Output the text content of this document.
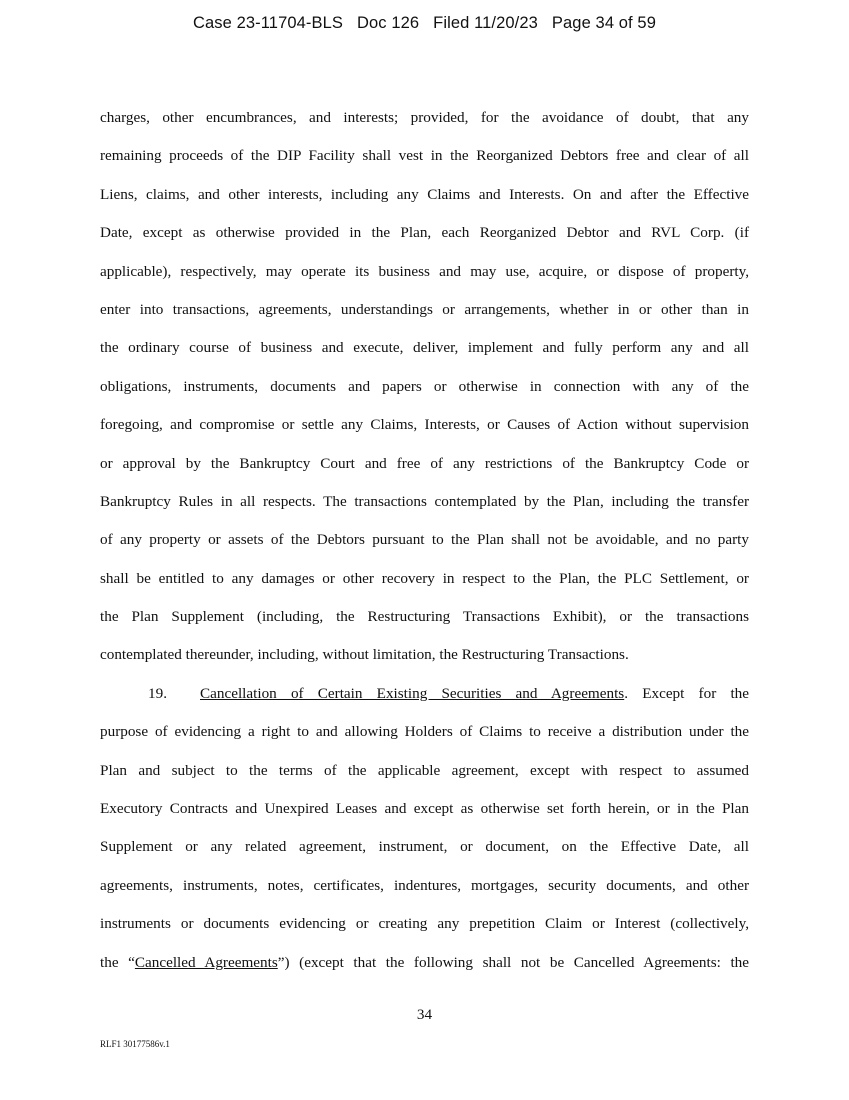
Case 23-11704-BLS Doc 126 Filed 11/20/23 Page 34 of 59
charges, other encumbrances, and interests; provided, for the avoidance of doubt, that any
remaining proceeds of the DIP Facility shall vest in the Reorganized Debtors free and clear of all
Liens, claims, and other interests, including any Claims and Interests. On and after the Effective
Date, except as otherwise provided in the Plan, each Reorganized Debtor and RVL Corp. (if
applicable), respectively, may operate its business and may use, acquire, or dispose of property,
enter into transactions, agreements, understandings or arrangements, whether in or other than in
the ordinary course of business and execute, deliver, implement and fully perform any and all
obligations, instruments, documents and papers or otherwise in connection with any of the
foregoing, and compromise or settle any Claims, Interests, or Causes of Action without supervision
or approval by the Bankruptcy Court and free of any restrictions of the Bankruptcy Code or
Bankruptcy Rules in all respects. The transactions contemplated by the Plan, including the transfer
of any property or assets of the Debtors pursuant to the Plan shall not be avoidable, and no party
shall be entitled to any damages or other recovery in respect to the Plan, the PLC Settlement, or
the Plan Supplement (including, the Restructuring Transactions Exhibit), or the transactions
contemplated thereunder, including, without limitation, the Restructuring Transactions.
19. Cancellation of Certain Existing Securities and Agreements. Except for the
purpose of evidencing a right to and allowing Holders of Claims to receive a distribution under the
Plan and subject to the terms of the applicable agreement, except with respect to assumed
Executory Contracts and Unexpired Leases and except as otherwise set forth herein, or in the Plan
Supplement or any related agreement, instrument, or document, on the Effective Date, all
agreements, instruments, notes, certificates, indentures, mortgages, security documents, and other
instruments or documents evidencing or creating any prepetition Claim or Interest (collectively,
the “Cancelled Agreements”) (except that the following shall not be Cancelled Agreements: the
34
RLF1 30177586v.1
